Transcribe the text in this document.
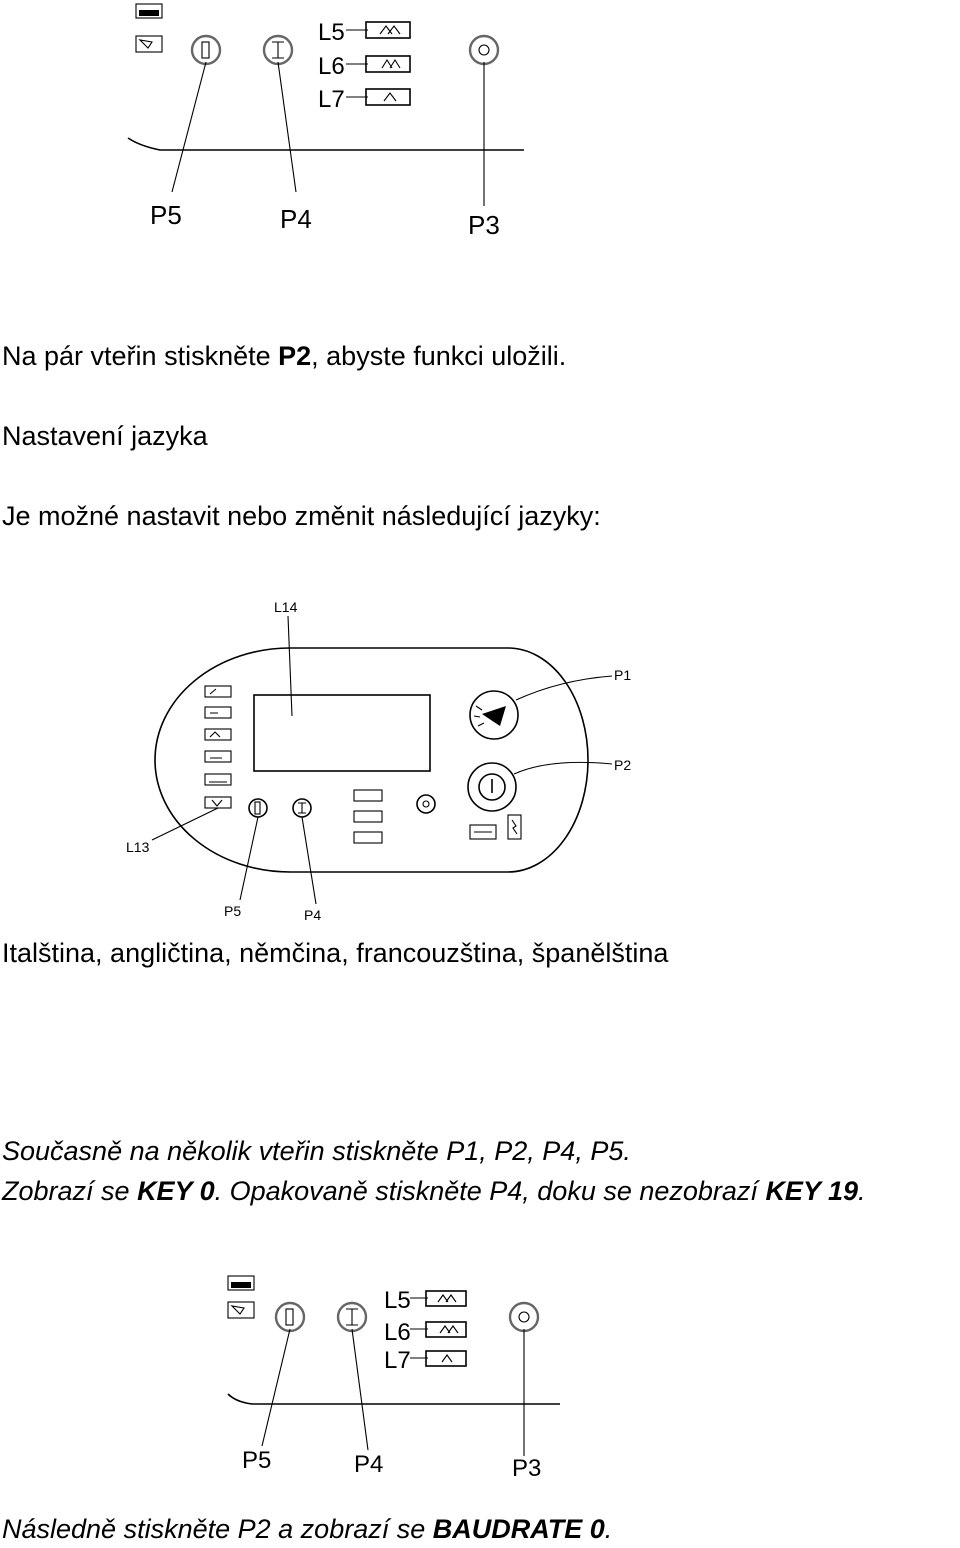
L5
L6
L7
P5	P4	P3
Na pár vteřin stiskněte P2, abyste funkci uložili.
Nastavení jazyka
Je možné nastavit nebo změnit následující jazyky:
L14
L13
P5	P4
P1
P2
Italština, angličtina, němčina, francouzština, španělština
Současně na několik vteřin stiskněte P1, P2, P4, P5.
Zobrazí se KEY 0. Opakovaně stiskněte P4, doku se nezobrazí KEY 19.
L5
L6
L7
P5	P4	P3
Následně stiskněte P2 a zobrazí se BAUDRATE 0.
